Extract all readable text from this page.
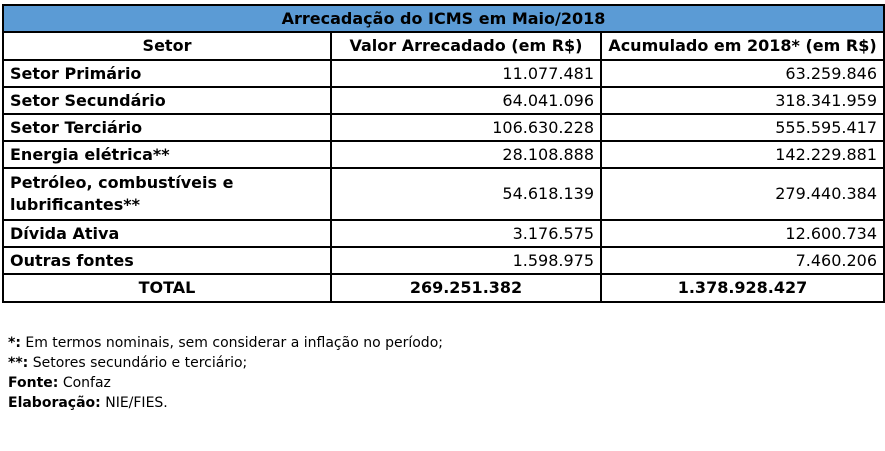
Arrecadação do ICMS em Maio/2018		
Setor	Valor Arrecadado (em R$)	Acumulado em 2018* (em R$)
Setor Primário	11.077.481	63.259.846
Setor Secundário	64.041.096	318.341.959
Setor Terciário	106.630.228	555.595.417
Energia elétrica**	28.108.888	142.229.881
Petróleo, combustíveis e lubrificantes**	54.618.139	279.440.384
Dívida Ativa	3.176.575	12.600.734
Outras fontes	1.598.975	7.460.206
TOTAL	269.251.382	1.378.928.427
*: Em termos nominais, sem considerar a inflação no período;
**: Setores secundário e terciário;
Fonte: Confaz
Elaboração: NIE/FIES.
